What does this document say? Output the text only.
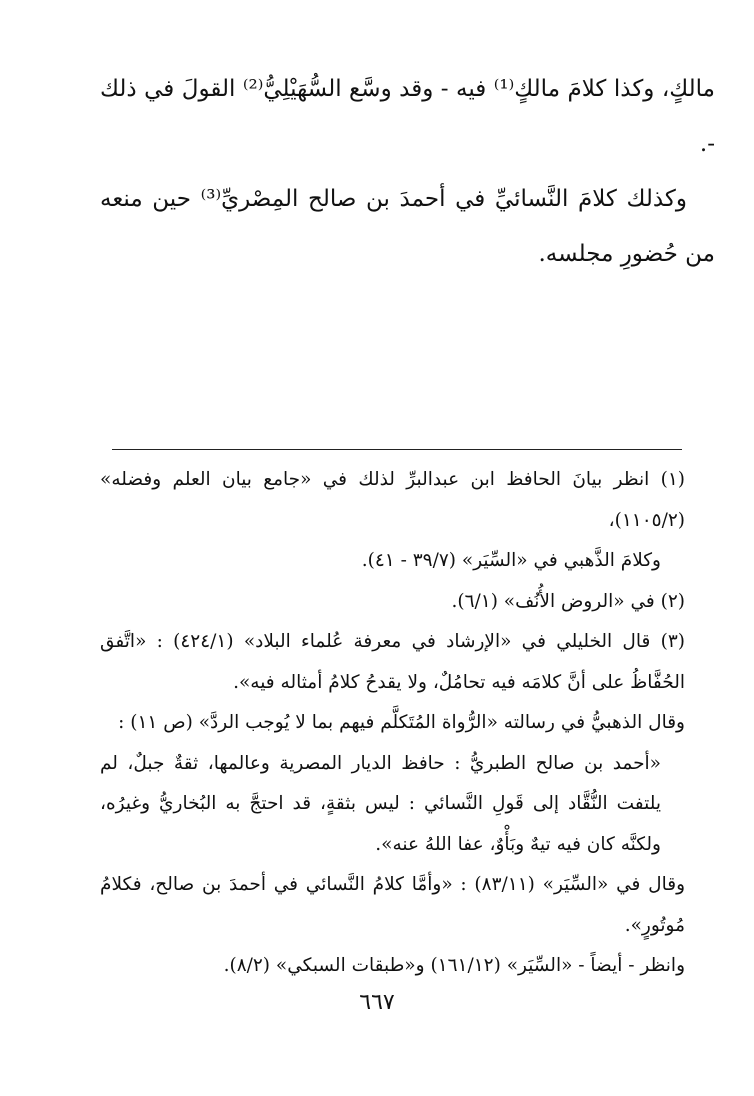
مالكٍ، وكذا كلامَ مالكٍ⁽¹⁾ فيه - وقد وسَّع السُّهَيْلِيُّ⁽²⁾ القولَ في ذلك -.

وكذلك كلامَ النَّسائيِّ في أحمدَ بن صالح المِصْريِّ⁽³⁾ حين منعه من حُضورِ مجلسه.

(١) انظر بيانَ الحافظ ابن عبدالبرِّ لذلك في «جامع بيان العلم وفضله» (١١٠٥/٢)،

وكلامَ الذَّهبي في «السِّيَر» (٣٩/٧ - ٤١).

(٢) في «الروض الأُنُف» (٦/١).

(٣) قال الخليلي في «الإرشاد في معرفة عُلماء البلاد» (٤٢٤/١) : «اتَّفق الحُفَّاظُ على أنَّ كلامَه فيه تحامُلٌ، ولا يقدحُ كلامُ أمثاله فيه».

وقال الذهبيُّ في رسالته «الرُّواة المُتَكلَّم فيهم بما لا يُوجب الردَّ» (ص ١١) :

«أحمد بن صالح الطبريُّ : حافظ الديار المصرية وعالمها، ثقةٌ جبلٌ، لم يلتفت النُّقَّاد إلى قَولِ النَّسائي : ليس بثقةٍ، قد احتجَّ به البُخاريُّ وغيرُه، ولكنَّه كان فيه تيهٌ وبَأْوٌ، عفا اللهُ عنه».

وقال في «السِّيَر» (٨٣/١١) : «وأمَّا كلامُ النَّسائي في أحمدَ بن صالح، فكلامُ مُوتُورٍ».

وانظر - أيضاً - «السِّيَر» (١٦١/١٢) و«طبقات السبكي» (٨/٢).

٦٦٧
